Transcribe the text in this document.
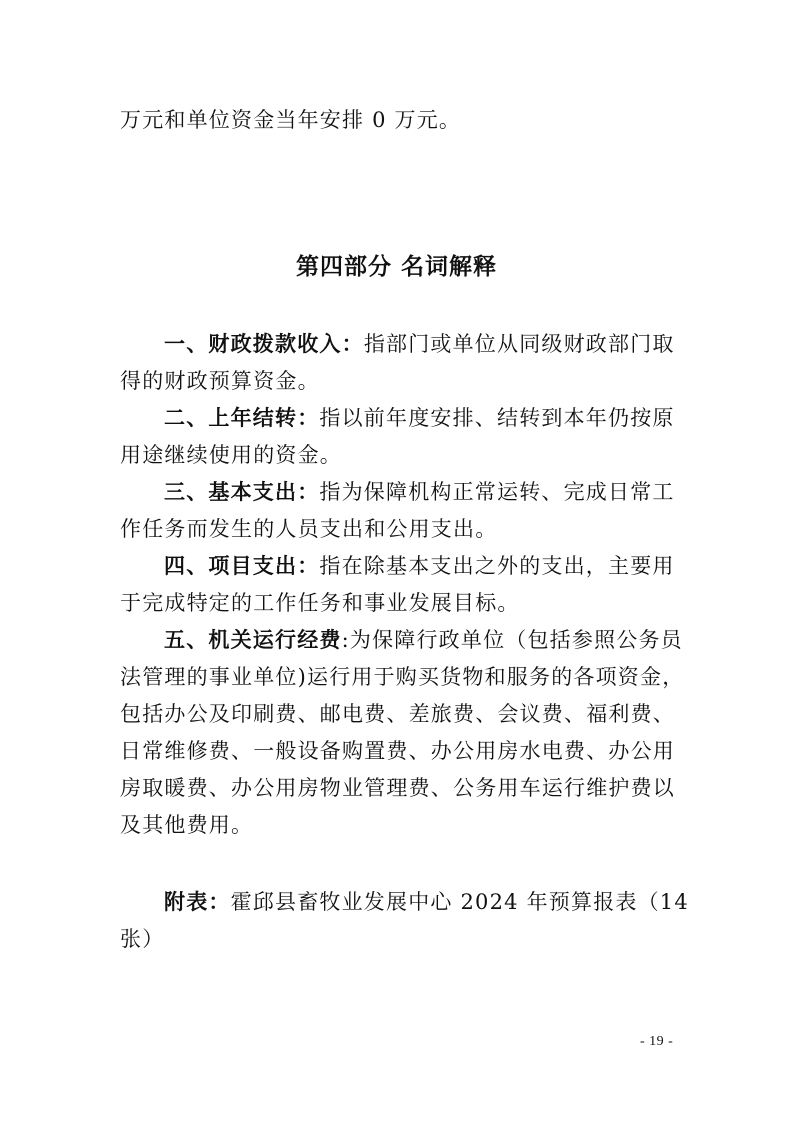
万元和单位资金当年安排 0 万元。
第四部分 名词解释
一、财政拨款收入：指部门或单位从同级财政部门取
得的财政预算资金。
二、上年结转：指以前年度安排、结转到本年仍按原
用途继续使用的资金。
三、基本支出：指为保障机构正常运转、完成日常工
作任务而发生的人员支出和公用支出。
四、项目支出：指在除基本支出之外的支出，主要用
于完成特定的工作任务和事业发展目标。
五、机关运行经费:为保障行政单位（包括参照公务员
法管理的事业单位)运行用于购买货物和服务的各项资金，
包括办公及印刷费、邮电费、差旅费、会议费、福利费、
日常维修费、一般设备购置费、办公用房水电费、办公用
房取暖费、办公用房物业管理费、公务用车运行维护费以
及其他费用。
附表：霍邱县畜牧业发展中心 2024 年预算报表（14
张）
- 19 -
